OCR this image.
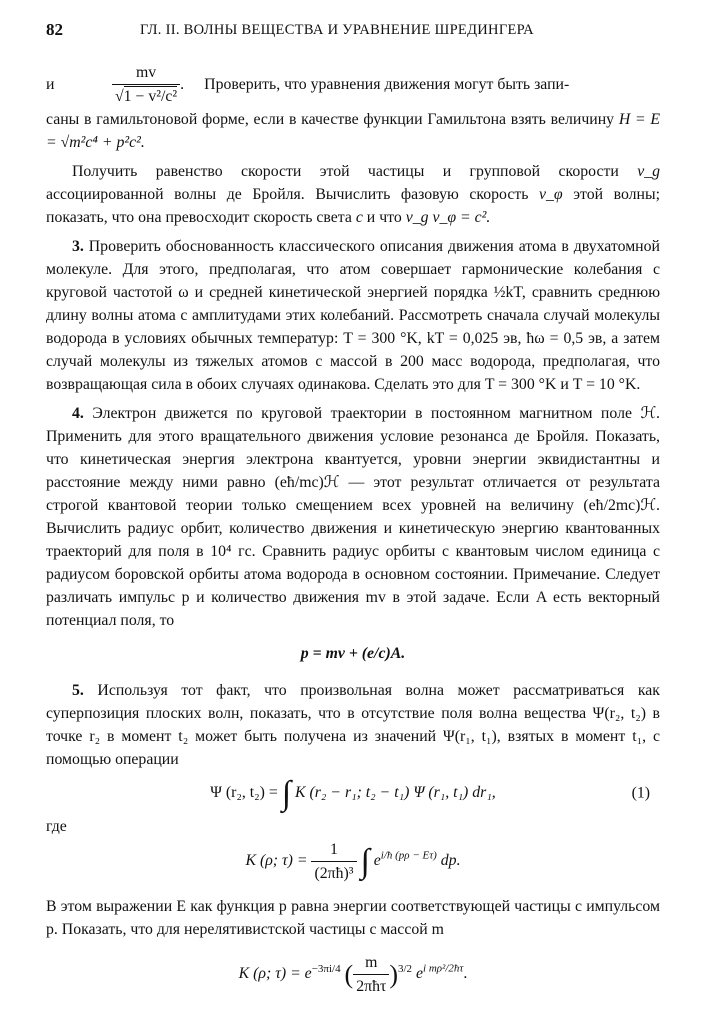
82	ГЛ. II. ВОЛНЫ ВЕЩЕСТВА И УРАВНЕНИЕ ШРЕДИНГЕРА
и	$\frac{mv}{\text{√1 − v²/c²}}$ .	Проверить, что уравнения движения могут быть запи-

саны в гамильтоновой форме, если в качестве функции Гамильтона взять величину H = E = √m²c⁴ + p²c².

Получить равенство скорости этой частицы и групповой скорости v_g ассоциированной волны де Бройля. Вычислить фазовую скорость v_φ этой волны; показать, что она превосходит скорость света c и что v_g v_φ = c².

3. Проверить обоснованность классического описания движения атома в двухатомной молекуле. Для этого, предполагая, что атом совершает гармонические колебания с круговой частотой ω и средней кинетической энергией порядка ½kT, сравнить среднюю длину волны атома с амплитудами этих колебаний. Рассмотреть сначала случай молекулы водорода в условиях обычных температур: T = 300 °K, kT = 0,025 эв, ħω = 0,5 эв, а затем случай молекулы из тяжелых атомов с массой в 200 масс водорода, предполагая, что возвращающая сила в обоих случаях одинакова. Сделать это для T = 300 °K и T = 10 °K.

4. Электрон движется по круговой траектории в постоянном магнитном поле ℋ. Применить для этого вращательного движения условие резонанса де Бройля. Показать, что кинетическая энергия электрона квантуется, уровни энергии эквидистантны и расстояние между ними равно (eħ/mc)ℋ — этот результат отличается от результата строгой квантовой теории только смещением всех уровней на величину (eħ/2mc)ℋ. Вычислить радиус орбит, количество движения и кинетическую энергию квантованных траекторий для поля в 10⁴ гс. Сравнить радиус орбиты с квантовым числом единица с радиусом боровской орбиты атома водорода в основном состоянии. Примечание. Следует различать импульс p и количество движения mv в этой задаче. Если A есть векторный потенциал поля, то

p = mv + (e/c)A.

5. Используя тот факт, что произвольная волна может рассматриваться как суперпозиция плоских волн, показать, что в отсутствие поля волна вещества Ψ(r₂, t₂) в точке r₂ в момент t₂ может быть получена из значений Ψ(r₁, t₁), взятых в момент t₁, с помощью операции

Ψ (r₂, t₂) = ∫ K (r₂ − r₁; t₂ − t₁) Ψ (r₁, t₁) dr₁,	(1)

где

K (ρ; $\tau) = \frac{1}{\text{(2πħ)³}}$ ∫ $e^{i/ħ (p\rho - E\tau)}$ dp.

В этом выражении E как функция p равна энергии соответствующей частицы с импульсом p. Показать, что для нерелятивистской частицы с массой m

K (ρ; $\tau) = e^{-3\pi i/4}$ ( $\frac{m}{\text{2πħτ}} )^{3/2}$ $e^{i m\rho^2/2ħ\tau}$.
